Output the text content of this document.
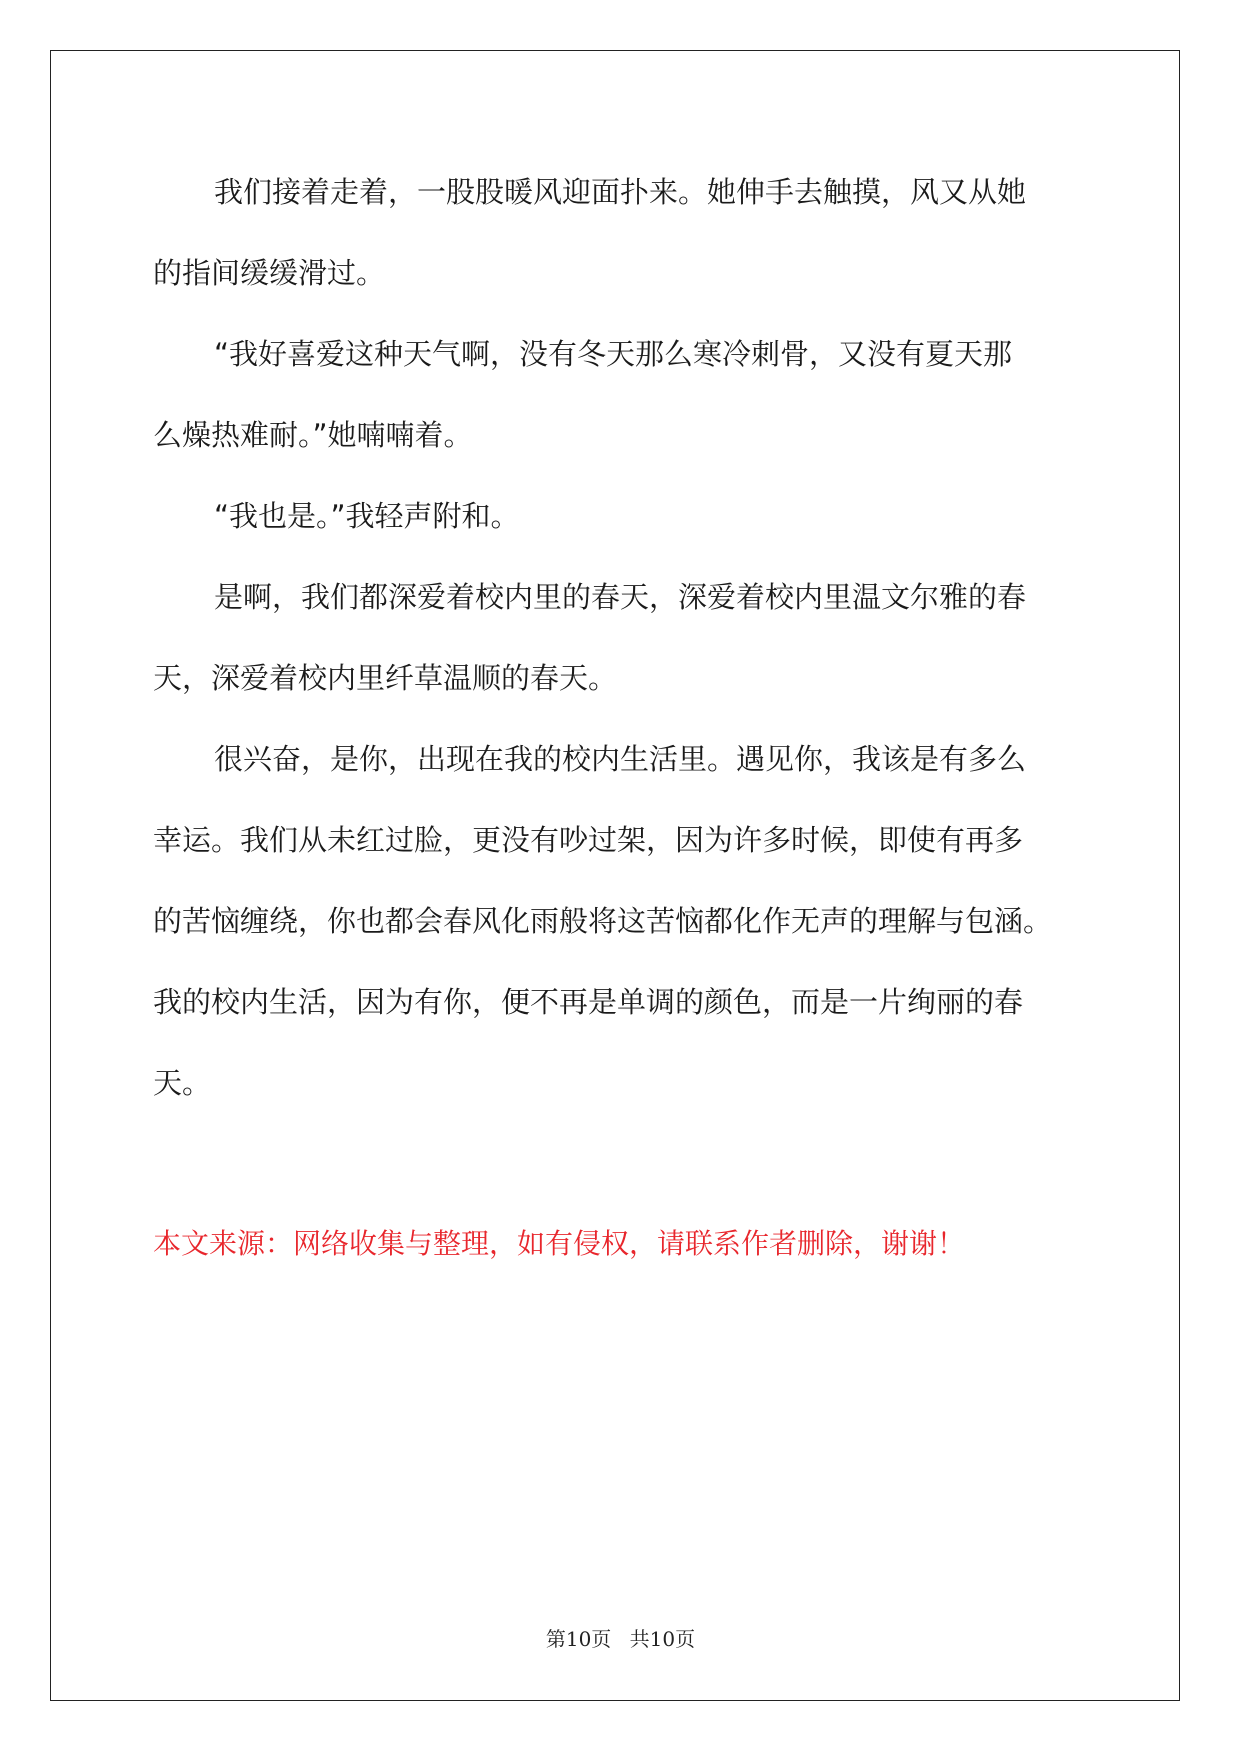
我们接着走着，一股股暖风迎面扑来。她伸手去触摸，风又从她

的指间缓缓滑过。

“我好喜爱这种天气啊，没有冬天那么寒冷刺骨，又没有夏天那

么燥热难耐。”她喃喃着。

“我也是。”我轻声附和。

是啊，我们都深爱着校内里的春天，深爱着校内里温文尔雅的春

天，深爱着校内里纤草温顺的春天。

很兴奋，是你，出现在我的校内生活里。遇见你，我该是有多么

幸运。我们从未红过脸，更没有吵过架，因为许多时候，即使有再多

的苦恼缠绕，你也都会春风化雨般将这苦恼都化作无声的理解与包涵。

我的校内生活，因为有你，便不再是单调的颜色，而是一片绚丽的春

天。

本文来源：网络收集与整理，如有侵权，请联系作者删除，谢谢！

第10页 共10页
